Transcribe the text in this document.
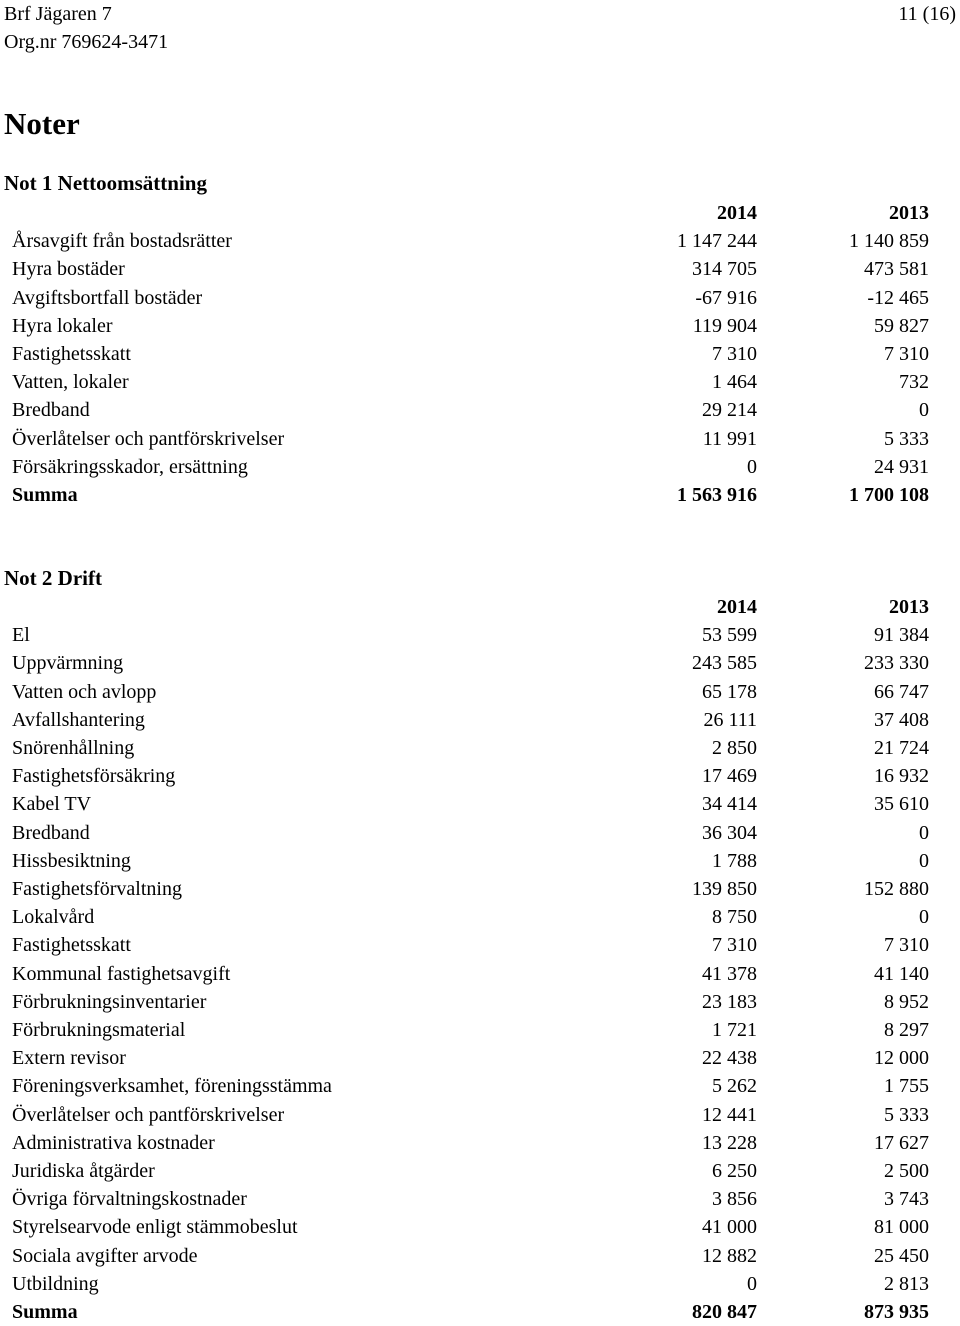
Brf Jägaren 7
Org.nr 769624-3471
11 (16)
Noter
Not 1 Nettoomsättning
	2014		2013
Årsavgift från bostadsrätter	1 147 244		1 140 859
Hyra bostäder	314 705		473 581
Avgiftsbortfall bostäder	-67 916		-12 465
Hyra lokaler	119 904		59 827
Fastighetsskatt	7 310		7 310
Vatten, lokaler	1 464		732
Bredband	29 214		0
Överlåtelser och pantförskrivelser	11 991		5 333
Försäkringsskador, ersättning	0		24 931
Summa	1 563 916		1 700 108
Not 2 Drift
	2014		2013
El	53 599		91 384
Uppvärmning	243 585		233 330
Vatten och avlopp	65 178		66 747
Avfallshantering	26 111		37 408
Snörenhållning	2 850		21 724
Fastighetsförsäkring	17 469		16 932
Kabel TV	34 414		35 610
Bredband	36 304		0
Hissbesiktning	1 788		0
Fastighetsförvaltning	139 850		152 880
Lokalvård	8 750		0
Fastighetsskatt	7 310		7 310
Kommunal fastighetsavgift	41 378		41 140
Förbrukningsinventarier	23 183		8 952
Förbrukningsmaterial	1 721		8 297
Extern revisor	22 438		12 000
Föreningsverksamhet, föreningsstämma	5 262		1 755
Överlåtelser och pantförskrivelser	12 441		5 333
Administrativa kostnader	13 228		17 627
Juridiska åtgärder	6 250		2 500
Övriga förvaltningskostnader	3 856		3 743
Styrelsearvode enligt stämmobeslut	41 000		81 000
Sociala avgifter arvode	12 882		25 450
Utbildning	0		2 813
Summa	820 847		873 935
